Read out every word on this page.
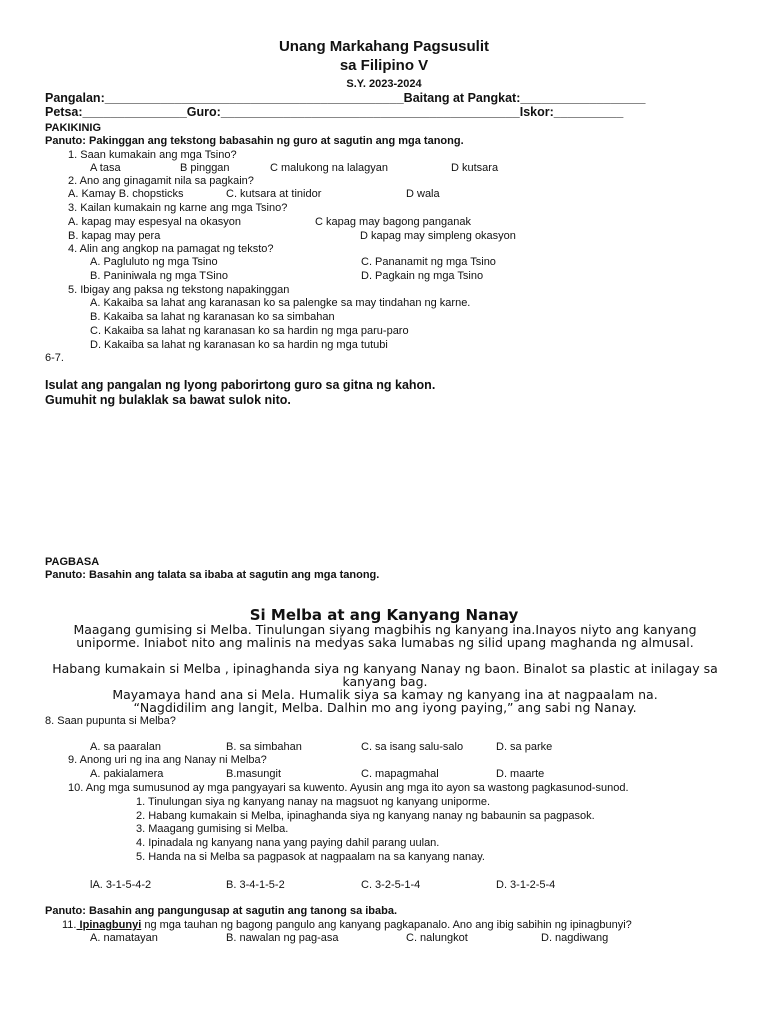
Unang Markahang Pagsusulit
sa Filipino V
S.Y. 2023-2024
Pangalan:___________________________________________Baitang at Pangkat:__________________
Petsa:_______________Guro:___________________________________________Iskor:__________
PAKIKINIG
Panuto: Pakinggan ang tekstong babasahin ng guro at sagutin ang mga tanong.
1. Saan kumakain ang mga Tsino?
A tasa	B pinggan	C malukong na lalagyan	D kutsara
2. Ano ang ginagamit nila sa pagkain?
A. Kamay B. chopsticks	C. kutsara at tinidor	D wala
3. Kailan kumakain ng karne ang mga Tsino?
A. kapag may espesyal na okasyon	C kapag may bagong panganak
B. kapag may pera	D kapag may simpleng okasyon
4. Alin ang angkop na pamagat ng teksto?
A. Pagluluto ng mga Tsino	C. Pananamit ng mga Tsino
B. Paniniwala ng mga TSino	D. Pagkain ng mga Tsino
5. Ibigay ang paksa ng tekstong napakinggan
A. Kakaiba sa lahat ang karanasan ko sa palengke sa may tindahan ng karne.
B. Kakaiba sa lahat ng karanasan ko sa simbahan
C. Kakaiba sa lahat ng karanasan ko sa hardin ng mga paru-paro
D. Kakaiba sa lahat ng karanasan ko sa hardin ng mga tutubi
6-7.
Isulat ang pangalan ng Iyong paborirtong guro sa gitna ng kahon.
Gumuhit ng bulaklak sa bawat sulok nito.
PAGBASA
Panuto: Basahin ang talata sa ibaba at sagutin ang mga tanong.
Si Melba at ang Kanyang Nanay
Maagang gumising si Melba. Tinulungan siyang magbihis ng kanyang ina.Inayos niyto ang kanyang uniporme. Iniabot nito ang malinis na medyas saka lumabas ng silid upang maghanda ng almusal.
Habang kumakain si Melba , ipinaghanda siya ng kanyang Nanay ng baon. Binalot sa plastic at inilagay sa kanyang bag.
Mayamaya hand ana si Mela. Humalik siya sa kamay ng kanyang ina at nagpaalam na.
“Nagdidilim ang langit, Melba. Dalhin mo ang iyong paying,” ang sabi ng Nanay.
8. Saan pupunta si Melba?
A. sa paaralan	B. sa simbahan	C. sa isang salu-salo	D. sa parke
9. Anong uri ng ina ang Nanay ni Melba?
A. pakialamera	B.masungit	C. mapagmahal	D. maarte
10. Ang mga sumusunod ay mga pangyayari sa kuwento. Ayusin ang mga ito ayon sa wastong pagkasunod-sunod.
1. Tinulungan siya ng kanyang nanay na magsuot ng kanyang uniporme.
2. Habang kumakain si Melba, ipinaghanda siya ng kanyang nanay ng babaunin sa pagpasok.
3. Maagang gumising si Melba.
4. Ipinadala ng kanyang nana yang paying dahil parang uulan.
5. Handa na si Melba sa pagpasok at nagpaalam na sa kanyang nanay.
lA. 3-1-5-4-2	B. 3-4-1-5-2	C. 3-2-5-1-4	D. 3-1-2-5-4
Panuto: Basahin ang pangungusap at sagutin ang tanong sa ibaba.
11. Ipinagbunyi ng mga tauhan ng bagong pangulo ang kanyang pagkapanalo. Ano ang ibig sabihin ng ipinagbunyi?
A. namatayan	B. nawalan ng pag-asa	C. nalungkot	D. nagdiwang
